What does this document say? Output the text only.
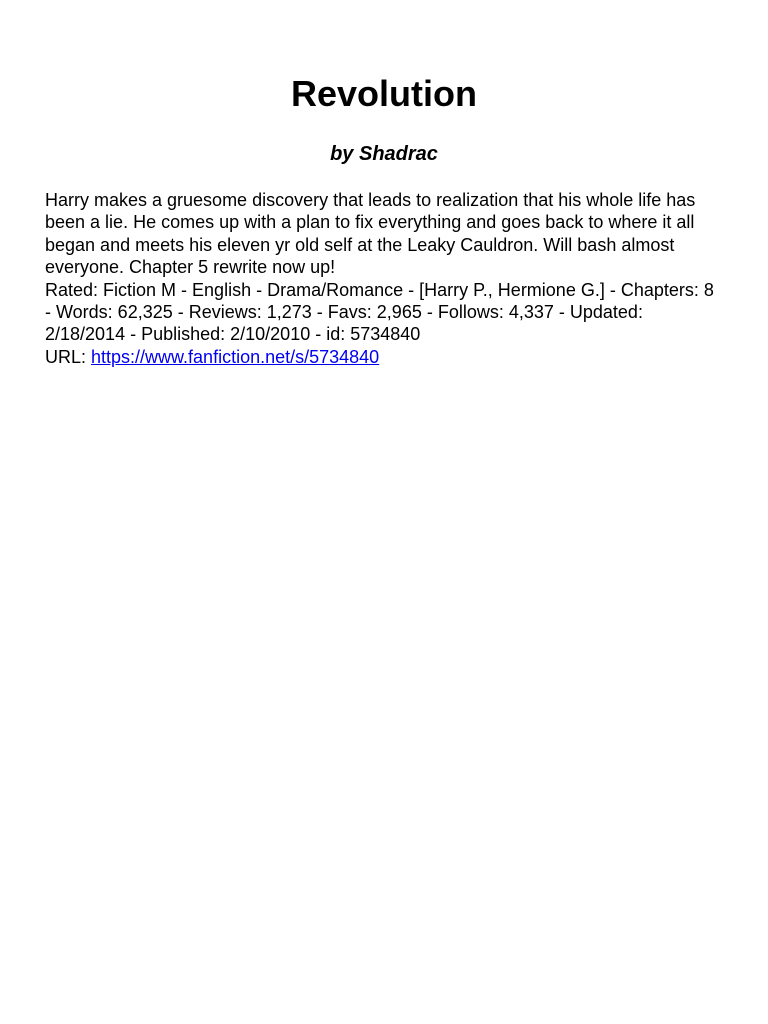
Revolution

by Shadrac

Harry makes a gruesome discovery that leads to realization that his whole life has been a lie. He comes up with a plan to fix everything and goes back to where it all began and meets his eleven yr old self at the Leaky Cauldron. Will bash almost everyone. Chapter 5 rewrite now up!
Rated: Fiction M - English - Drama/Romance - [Harry P., Hermione G.] - Chapters: 8 - Words: 62,325 - Reviews: 1,273 - Favs: 2,965 - Follows: 4,337 - Updated: 2/18/2014 - Published: 2/10/2010 - id: 5734840
URL: https://www.fanfiction.net/s/5734840
